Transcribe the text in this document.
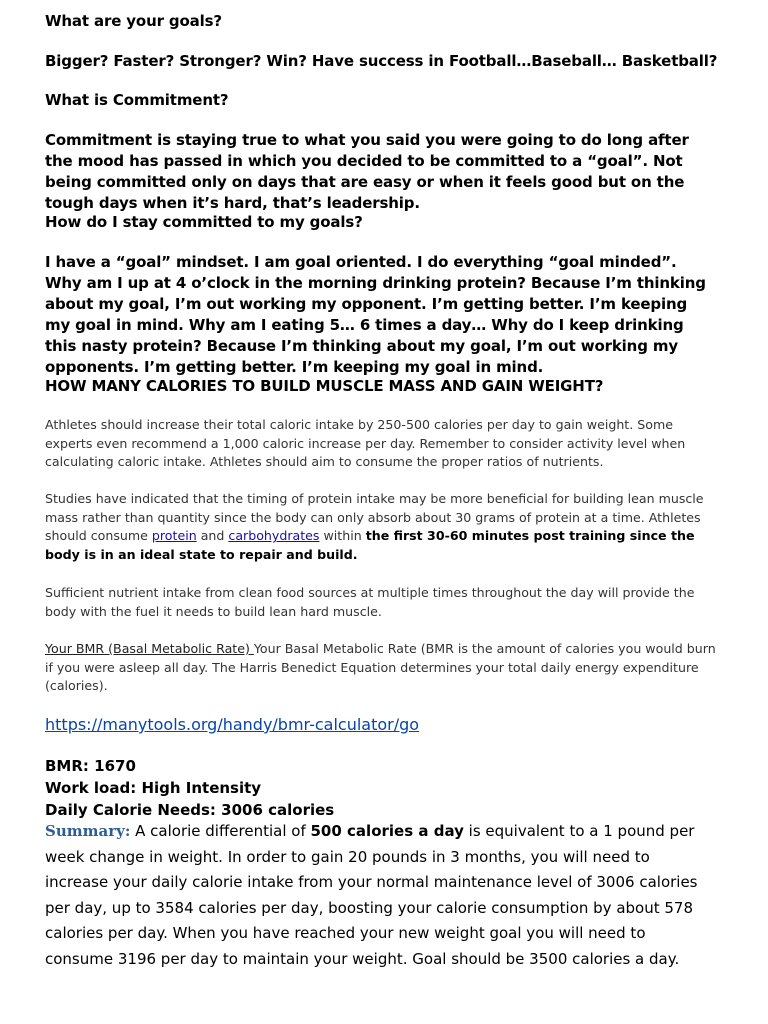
What are your goals?

Bigger? Faster? Stronger? Win? Have success in Football…Baseball… Basketball?

What is Commitment?

Commitment is staying true to what you said you were going to do long after the mood has passed in which you decided to be committed to a “goal”. Not being committed only on days that are easy or when it feels good but on the tough days when it’s hard, that’s leadership.

How do I stay committed to my goals?

I have a “goal” mindset. I am goal oriented. I do everything “goal minded”. Why am I up at 4 o’clock in the morning drinking protein? Because I’m thinking about my goal, I’m out working my opponent. I’m getting better. I’m keeping my goal in mind. Why am I eating 5… 6 times a day… Why do I keep drinking this nasty protein? Because I’m thinking about my goal, I’m out working my opponents. I’m getting better. I’m keeping my goal in mind.

HOW MANY CALORIES TO BUILD MUSCLE MASS AND GAIN WEIGHT?

Athletes should increase their total caloric intake by 250-500 calories per day to gain weight. Some experts even recommend a 1,000 caloric increase per day. Remember to consider activity level when calculating caloric intake. Athletes should aim to consume the proper ratios of nutrients.

Studies have indicated that the timing of protein intake may be more beneficial for building lean muscle mass rather than quantity since the body can only absorb about 30 grams of protein at a time. Athletes should consume protein and carbohydrates within the first 30-60 minutes post training since the body is in an ideal state to repair and build.

Sufficient nutrient intake from clean food sources at multiple times throughout the day will provide the body with the fuel it needs to build lean hard muscle.

Your BMR (Basal Metabolic Rate) Your Basal Metabolic Rate (BMR is the amount of calories you would burn if you were asleep all day. The Harris Benedict Equation determines your total daily energy expenditure (calories).

https://manytools.org/handy/bmr-calculator/go

BMR: 1670

Work load: High Intensity

Daily Calorie Needs: 3006 calories

Summary: A calorie differential of 500 calories a day is equivalent to a 1 pound per week change in weight. In order to gain 20 pounds in 3 months, you will need to increase your daily calorie intake from your normal maintenance level of 3006 calories per day, up to 3584 calories per day, boosting your calorie consumption by about 578 calories per day. When you have reached your new weight goal you will need to consume 3196 per day to maintain your weight. Goal should be 3500 calories a day.
